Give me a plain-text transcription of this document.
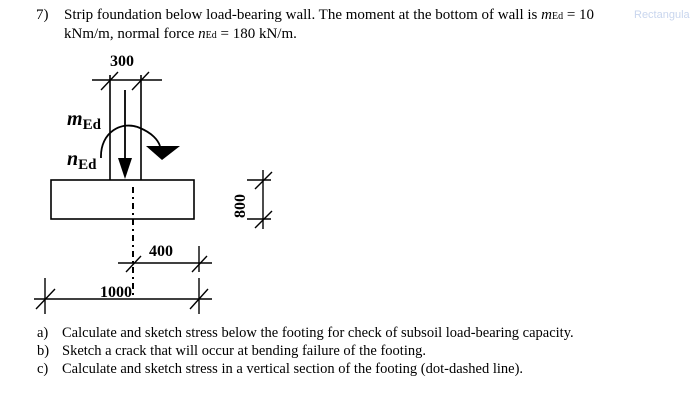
7) Strip foundation below load-bearing wall. The moment at the bottom of wall is mEd = 10
kNm/m, normal force nEd = 180 kN/m.
Rectangula
300
800
400
1000
$m_{Ed}$
$n_{Ed}$
a) Calculate and sketch stress below the footing for check of subsoil load-bearing capacity.
b) Sketch a crack that will occur at bending failure of the footing.
c) Calculate and sketch stress in a vertical section of the footing (dot-dashed line).
